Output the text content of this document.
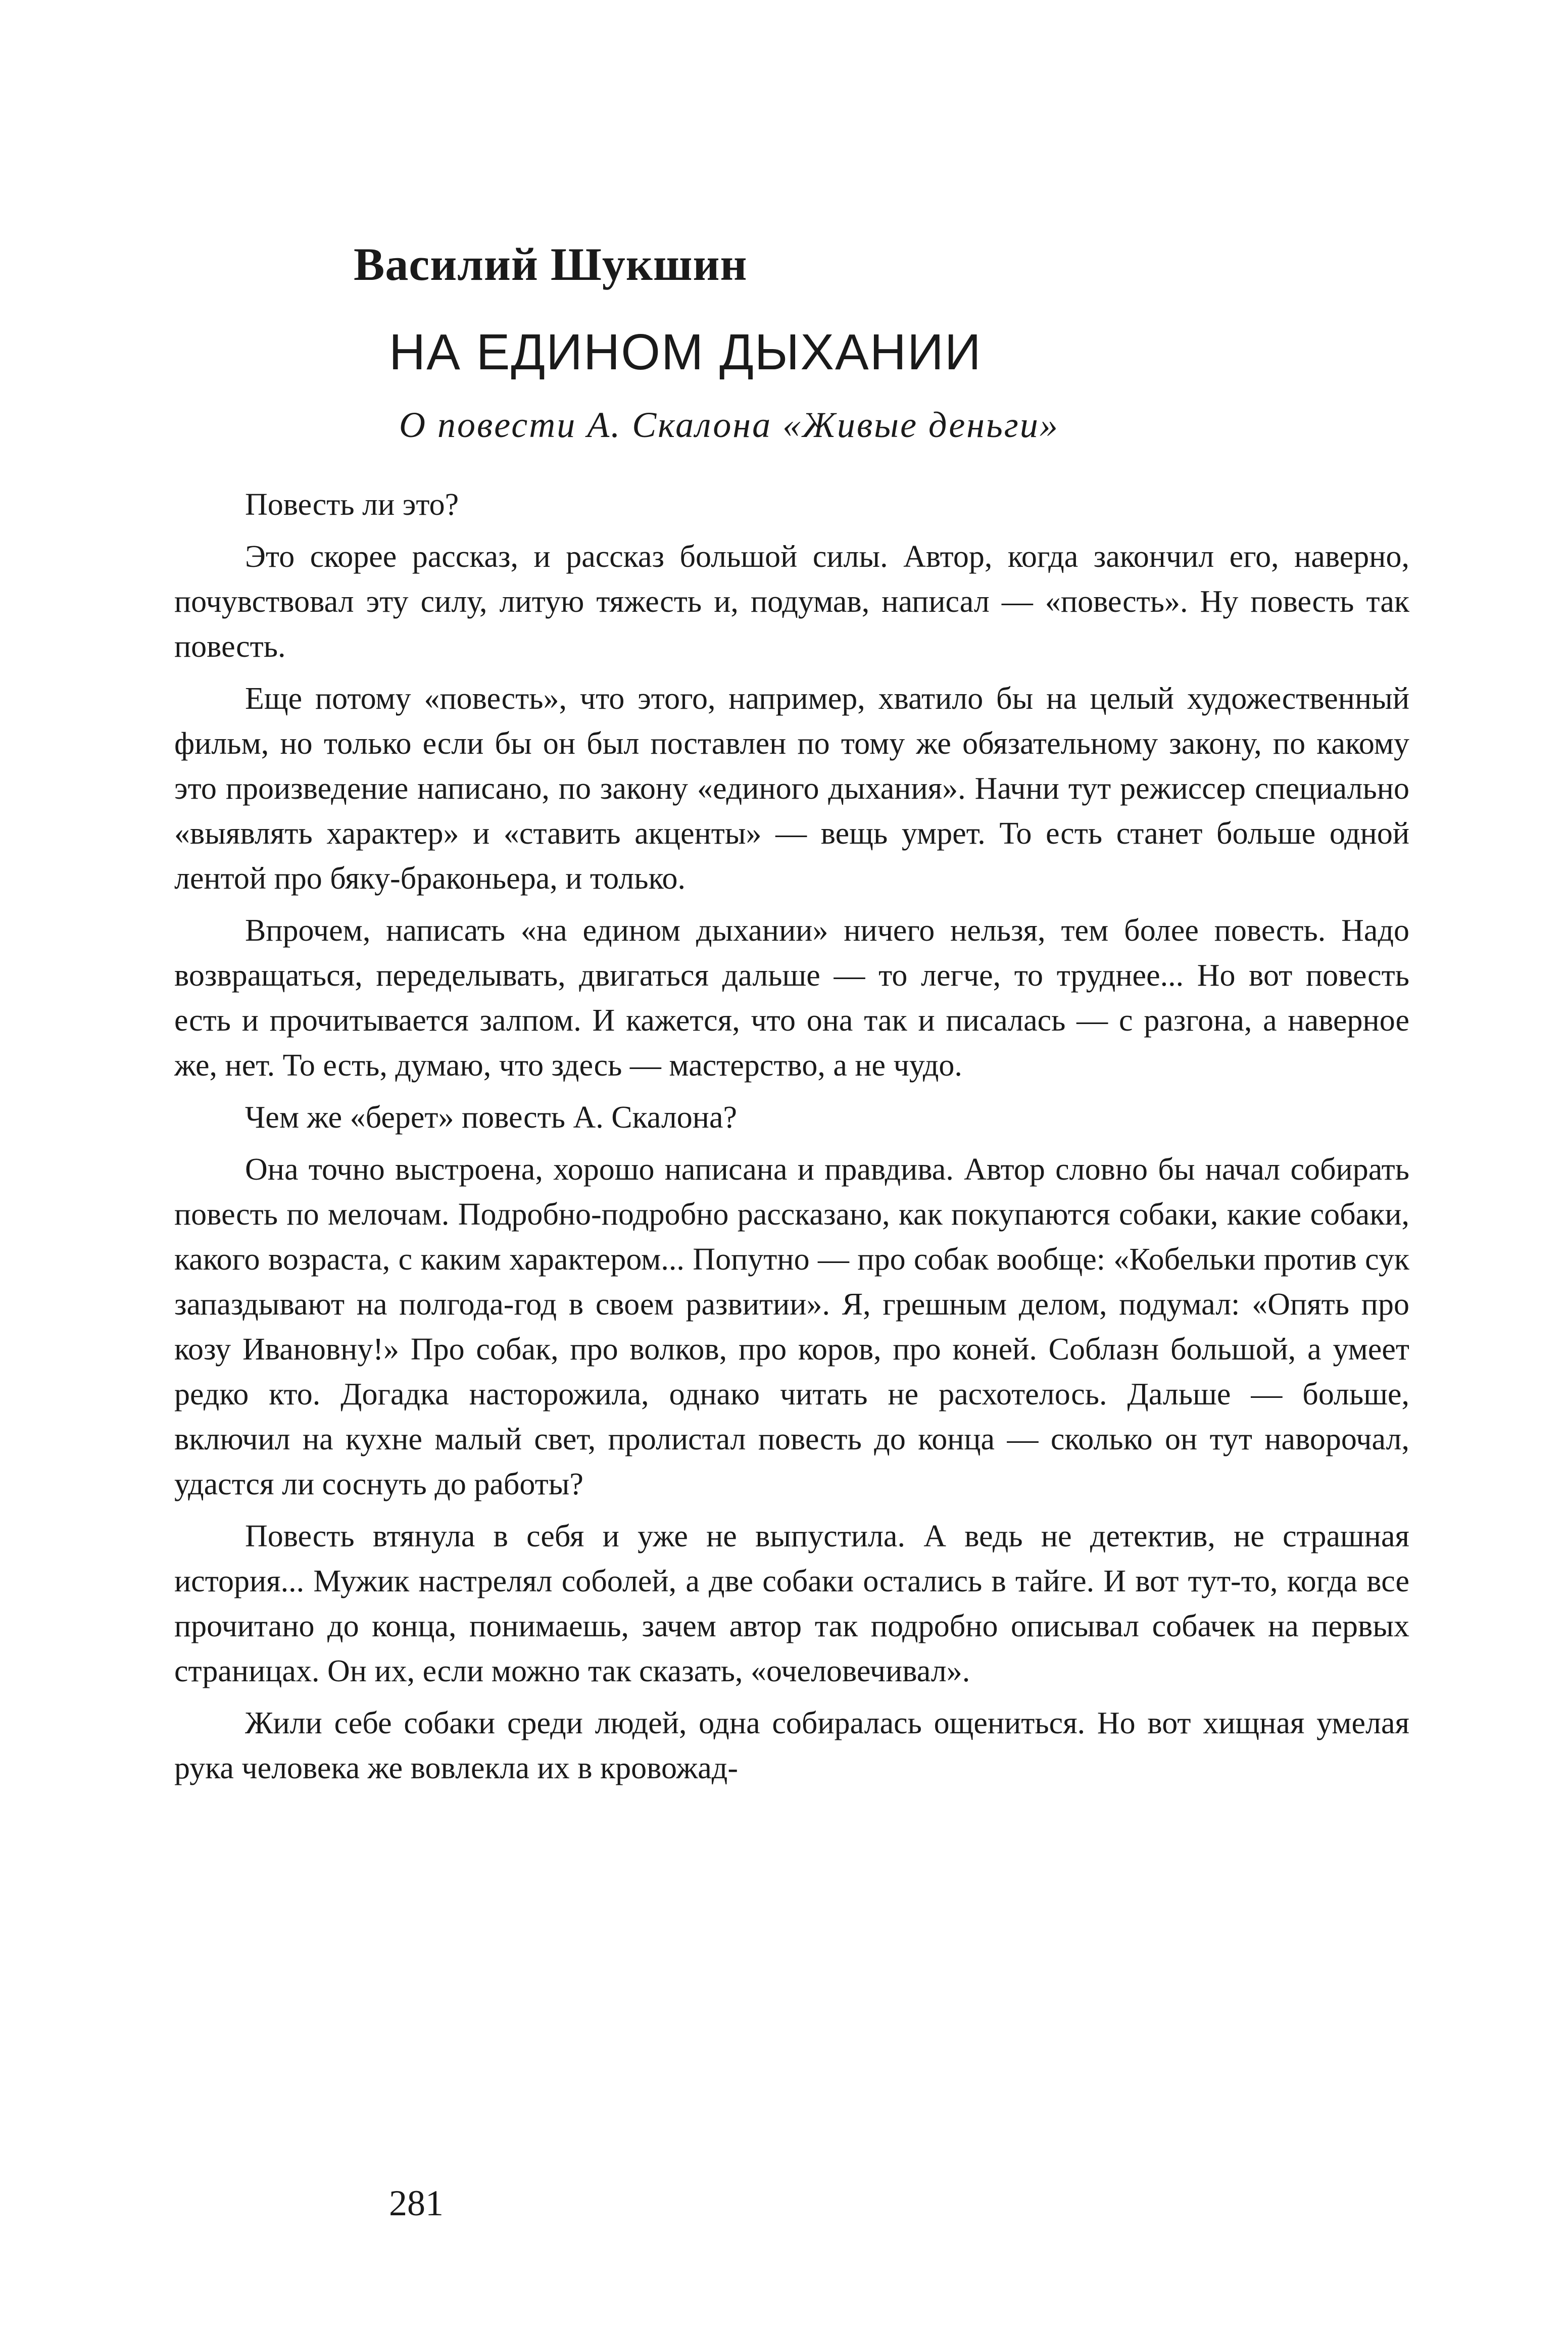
Василий Шукшин
НА ЕДИНОМ ДЫХАНИИ
О повести А. Скалона «Живые деньги»

Повесть ли это?

Это скорее рассказ, и рассказ большой силы. Автор, когда закончил его, наверно, почувствовал эту силу, литую тяжесть и, подумав, написал — «повесть». Ну повесть так повесть.

Еще потому «повесть», что этого, например, хватило бы на целый художественный фильм, но только если бы он был поставлен по тому же обязательному закону, по какому это произведение написано, по закону «единого дыхания». Начни тут режиссер специально «выявлять характер» и «ставить акценты» — вещь умрет. То есть станет больше одной лентой про бяку-браконьера, и только.

Впрочем, написать «на едином дыхании» ничего нельзя, тем более повесть. Надо возвращаться, переделывать, двигаться дальше — то легче, то труднее... Но вот повесть есть и прочитывается залпом. И кажется, что она так и писалась — с разгона, а наверное же, нет. То есть, думаю, что здесь — мастерство, а не чудо.

Чем же «берет» повесть А. Скалона?

Она точно выстроена, хорошо написана и правдива. Автор словно бы начал собирать повесть по мелочам. Подробно-подробно рассказано, как покупаются собаки, какие собаки, какого возраста, с каким характером... Попутно — про собак вообще: «Кобельки против сук запаздывают на полгода-год в своем развитии». Я, грешным делом, подумал: «Опять про козу Ивановну!» Про собак, про волков, про коров, про коней. Соблазн большой, а умеет редко кто. Догадка насторожила, однако читать не расхотелось. Дальше — больше, включил на кухне малый свет, пролистал повесть до конца — сколько он тут наворочал, удастся ли соснуть до работы?

Повесть втянула в себя и уже не выпустила. А ведь не детектив, не страшная история... Мужик настрелял соболей, а две собаки остались в тайге. И вот тут-то, когда все прочитано до конца, понимаешь, зачем автор так подробно описывал собачек на первых страницах. Он их, если можно так сказать, «очеловечивал».

Жили себе собаки среди людей, одна собиралась ощениться. Но вот хищная умелая рука человека же вовлекла их в кровожад-

281
